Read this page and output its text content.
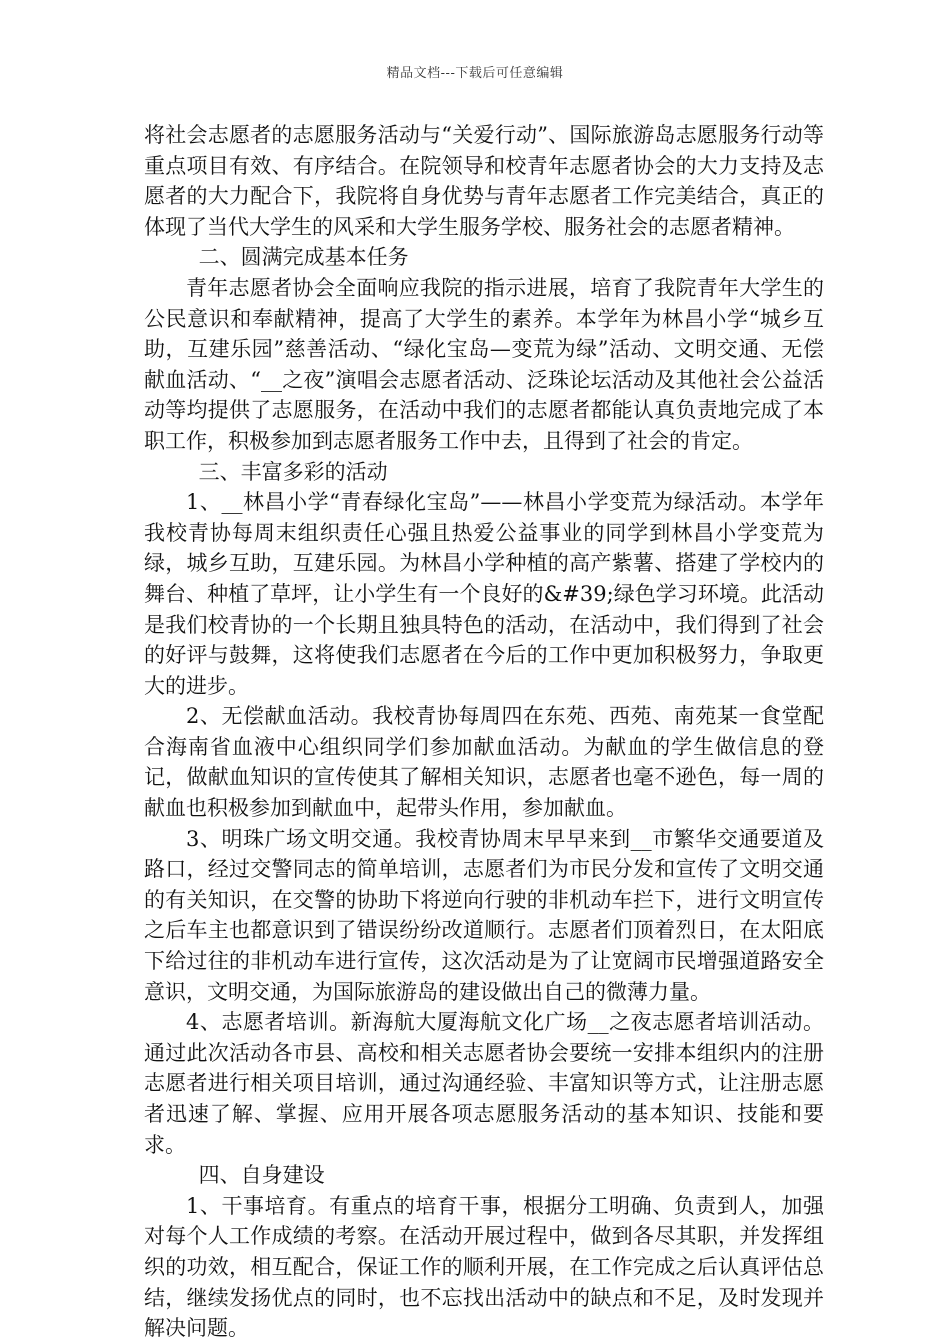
精品文档---下载后可任意编辑

将社会志愿者的志愿服务活动与“关爱行动”、国际旅游岛志愿服务行动等重点项目有效、有序结合。在院领导和校青年志愿者协会的大力支持及志愿者的大力配合下，我院将自身优势与青年志愿者工作完美结合，真正的体现了当代大学生的风采和大学生服务学校、服务社会的志愿者精神。

二、圆满完成基本任务

青年志愿者协会全面响应我院的指示进展，培育了我院青年大学生的公民意识和奉献精神，提高了大学生的素养。本学年为林昌小学“城乡互助，互建乐园”慈善活动、“绿化宝岛—变荒为绿”活动、文明交通、无偿献血活动、“__之夜”演唱会志愿者活动、泛珠论坛活动及其他社会公益活动等均提供了志愿服务，在活动中我们的志愿者都能认真负责地完成了本职工作，积极参加到志愿者服务工作中去，且得到了社会的肯定。

三、丰富多彩的活动

1、__林昌小学“青春绿化宝岛”——林昌小学变荒为绿活动。本学年我校青协每周末组织责任心强且热爱公益事业的同学到林昌小学变荒为绿，城乡互助，互建乐园。为林昌小学种植的高产紫薯、搭建了学校内的舞台、种植了草坪，让小学生有一个良好的&#39;绿色学习环境。此活动是我们校青协的一个长期且独具特色的活动，在活动中，我们得到了社会的好评与鼓舞，这将使我们志愿者在今后的工作中更加积极努力，争取更大的进步。

2、无偿献血活动。我校青协每周四在东苑、西苑、南苑某一食堂配合海南省血液中心组织同学们参加献血活动。为献血的学生做信息的登记，做献血知识的宣传使其了解相关知识，志愿者也毫不逊色，每一周的献血也积极参加到献血中，起带头作用，参加献血。

3、明珠广场文明交通。我校青协周末早早来到__市繁华交通要道及路口，经过交警同志的简单培训，志愿者们为市民分发和宣传了文明交通的有关知识，在交警的协助下将逆向行驶的非机动车拦下，进行文明宣传之后车主也都意识到了错误纷纷改道顺行。志愿者们顶着烈日，在太阳底下给过往的非机动车进行宣传，这次活动是为了让宽阔市民增强道路安全意识，文明交通，为国际旅游岛的建设做出自己的微薄力量。

4、志愿者培训。新海航大厦海航文化广场__之夜志愿者培训活动。通过此次活动各市县、高校和相关志愿者协会要统一安排本组织内的注册志愿者进行相关项目培训，通过沟通经验、丰富知识等方式，让注册志愿者迅速了解、掌握、应用开展各项志愿服务活动的基本知识、技能和要求。

四、自身建设

1、干事培育。有重点的培育干事，根据分工明确、负责到人，加强对每个人工作成绩的考察。在活动开展过程中，做到各尽其职，并发挥组织的功效，相互配合，保证工作的顺利开展，在工作完成之后认真评估总结，继续发扬优点的同时，也不忘找出活动中的缺点和不足，及时发现并解决问题。
